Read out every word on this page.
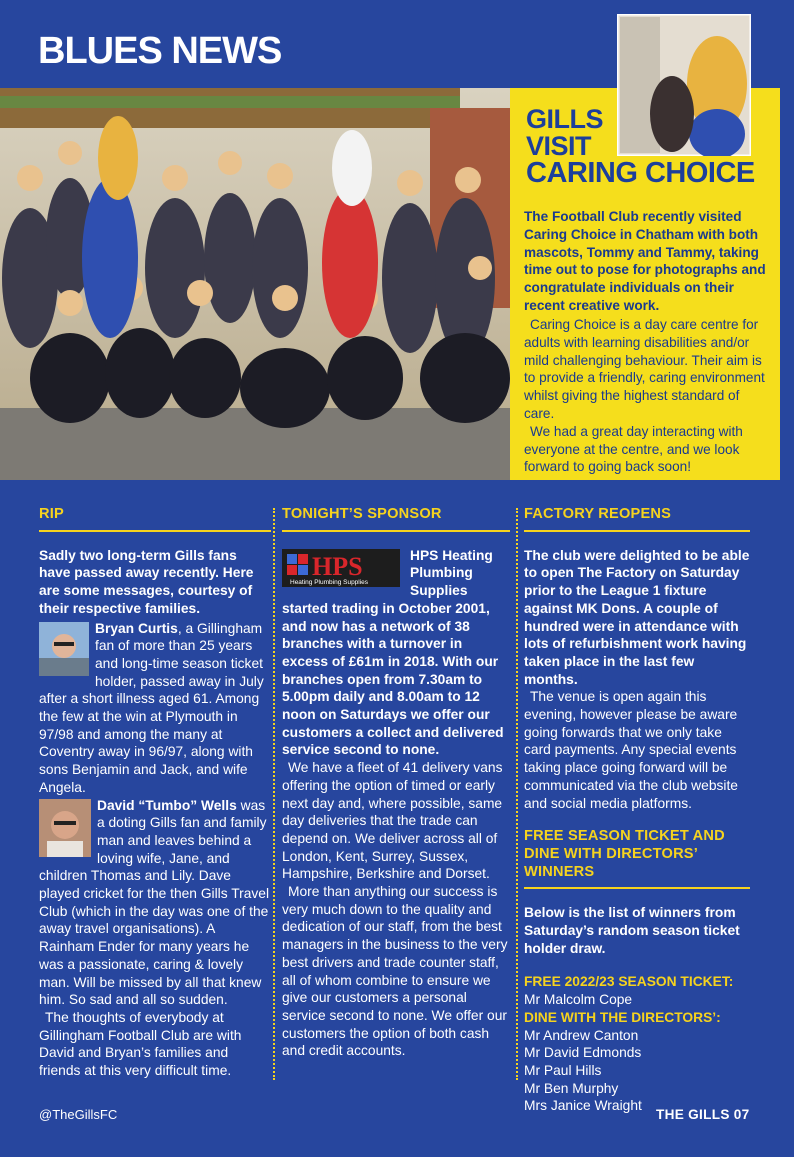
BLUES NEWS
GILLS
VISIT
CARING CHOICE
The Football Club recently visited Caring Choice in Chatham with both mascots, Tommy and Tammy, taking time out to pose for photographs and congratulate individuals on their recent creative work.

Caring Choice is a day care centre for adults with learning disabilities and/or mild challenging behaviour. Their aim is to provide a friendly, caring environment whilst giving the highest standard of care.

We had a great day interacting with everyone at the centre, and we look forward to going back soon!

RIP

Sadly two long-term Gills fans have passed away recently. Here are some messages, courtesy of their respective families.

Bryan Curtis, a Gillingham fan of more than 25 years and long-time season ticket holder, passed away in July after a short illness aged 61. Among the few at the win at Plymouth in 97/98 and among the many at Coventry away in 96/97, along with sons Benjamin and Jack, and wife Angela.

David “Tumbo” Wells was a doting Gills fan and family man and leaves behind a loving wife, Jane, and children Thomas and Lily. Dave played cricket for the then Gills Travel Club (which in the day was one of the away travel organisations). A Rainham Ender for many years he was a passionate, caring & lovely man. Will be missed by all that knew him. So sad and all so sudden.

The thoughts of everybody at Gillingham Football Club are with David and Bryan’s families and friends at this very difficult time.

TONIGHT’S SPONSOR
HPS
Heating Plumbing Supplies

HPS Heating Plumbing Supplies started trading in October 2001, and now has a network of 38 branches with a turnover in excess of £61m in 2018. With our branches open from 7.30am to 5.00pm daily and 8.00am to 12 noon on Saturdays we offer our customers a collect and delivered service second to none.

We have a fleet of 41 delivery vans offering the option of timed or early next day and, where possible, same day deliveries that the trade can depend on. We deliver across all of London, Kent, Surrey, Sussex, Hampshire, Berkshire and Dorset.

More than anything our success is very much down to the quality and dedication of our staff, from the best managers in the business to the very best drivers and trade counter staff, all of whom combine to ensure we give our customers a personal service second to none. We offer our customers the option of both cash and credit accounts.

FACTORY REOPENS

The club were delighted to be able to open The Factory on Saturday prior to the League 1 fixture against MK Dons. A couple of hundred were in attendance with lots of refurbishment work having taken place in the last few months.

The venue is open again this evening, however please be aware going forwards that we only take card payments. Any special events taking place going forward will be communicated via the club website and social media platforms.

FREE SEASON TICKET AND DINE WITH DIRECTORS’ WINNERS

Below is the list of winners from Saturday’s random season ticket holder draw.

FREE 2022/23 SEASON TICKET:

Mr Malcolm Cope

DINE WITH THE DIRECTORS’:

Mr Andrew Canton

Mr David Edmonds

Mr Paul Hills

Mr Ben Murphy

Mrs Janice Wraight

@TheGillsFC	THE GILLS 07
